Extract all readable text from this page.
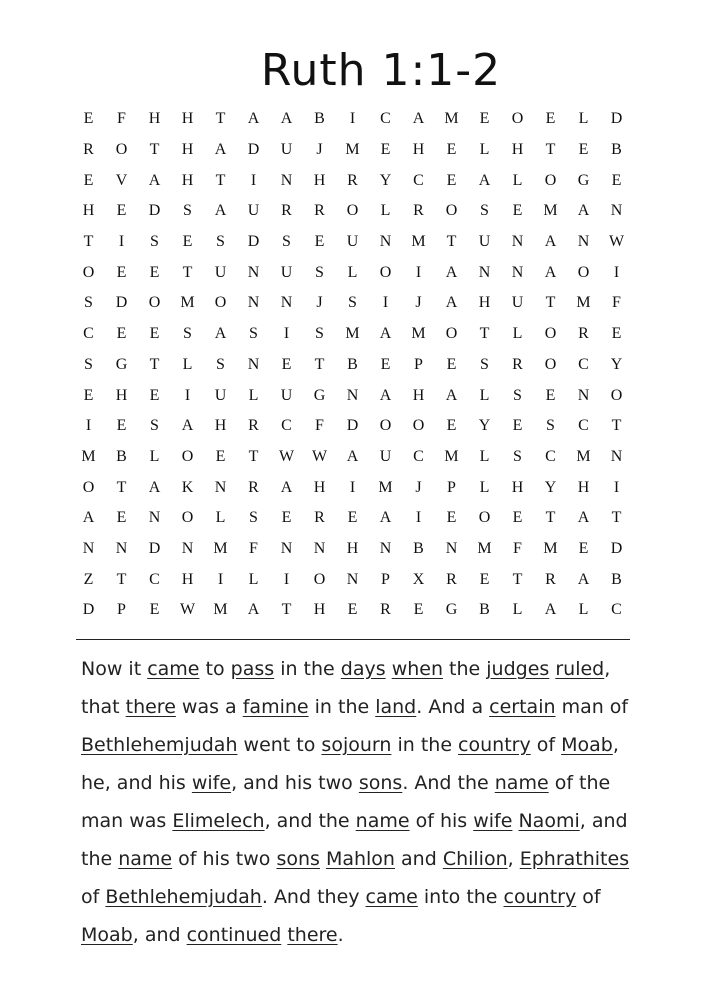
Ruth 1:1-2
E	F	H	H	T	A	A	B	I	C	A	M	E	O	E	L	D
R	O	T	H	A	D	U	J	M	E	H	E	L	H	T	E	B
E	V	A	H	T	I	N	H	R	Y	C	E	A	L	O	G	E
H	E	D	S	A	U	R	R	O	L	R	O	S	E	M	A	N
T	I	S	E	S	D	S	E	U	N	M	T	U	N	A	N	W
O	E	E	T	U	N	U	S	L	O	I	A	N	N	A	O	I
S	D	O	M	O	N	N	J	S	I	J	A	H	U	T	M	F
C	E	E	S	A	S	I	S	M	A	M	O	T	L	O	R	E
S	G	T	L	S	N	E	T	B	E	P	E	S	R	O	C	Y
E	H	E	I	U	L	U	G	N	A	H	A	L	S	E	N	O
I	E	S	A	H	R	C	F	D	O	O	E	Y	E	S	C	T
M	B	L	O	E	T	W	W	A	U	C	M	L	S	C	M	N
O	T	A	K	N	R	A	H	I	M	J	P	L	H	Y	H	I
A	E	N	O	L	S	E	R	E	A	I	E	O	E	T	A	T
N	N	D	N	M	F	N	N	H	N	B	N	M	F	M	E	D
Z	T	C	H	I	L	I	O	N	P	X	R	E	T	R	A	B
D	P	E	W	M	A	T	H	E	R	E	G	B	L	A	L	C
Now it came to pass in the days when the judges ruled, that there was a famine in the land. And a certain man of Bethlehemjudah went to sojourn in the country of Moab, he, and his wife, and his two sons. And the name of the man was Elimelech, and the name of his wife Naomi, and the name of his two sons Mahlon and Chilion, Ephrathites of Bethlehemjudah. And they came into the country of Moab, and continued there.
